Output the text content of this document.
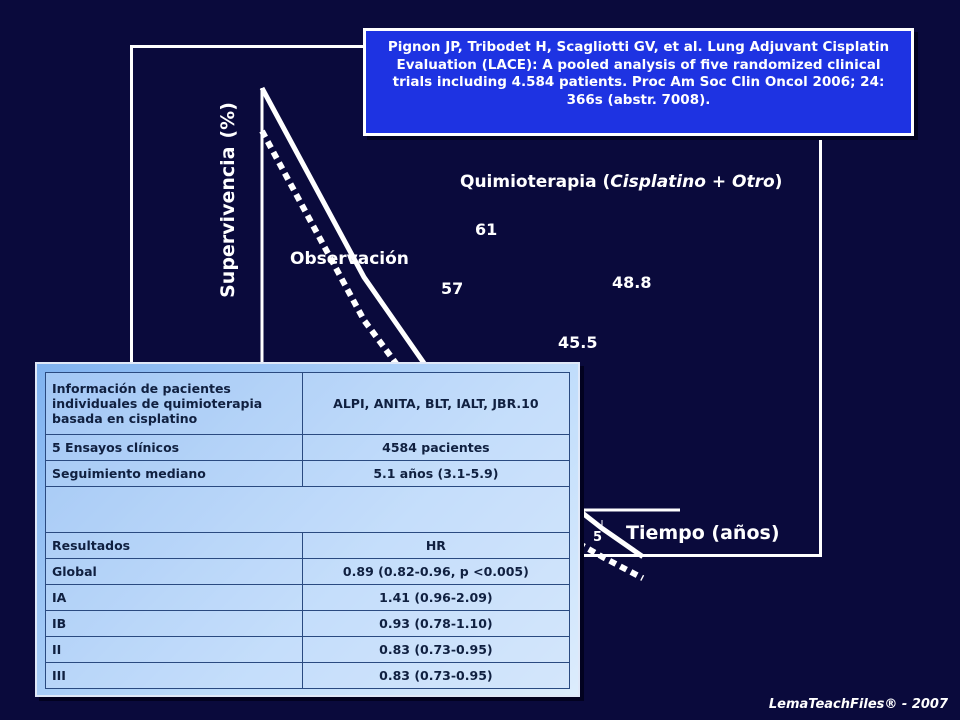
Supervivencia(%)
Tiempo (años)
5
Quimioterapia (Cisplatino + Otro)
Observación
61
48.8
57
45.5
Pignon JP, Tribodet H, Scagliotti GV, et al. Lung Adjuvant Cisplatin Evaluation (LACE): A pooled analysis of five randomized clinical trials including 4.584 patients. Proc Am Soc Clin Oncol 2006; 24: 366s (abstr. 7008).
Información de pacientes individuales de quimioterapia basada en cisplatino	ALPI, ANITA, BLT, IALT, JBR.10
5 Ensayos clínicos	4584 pacientes
Seguimiento mediano	5.1 años (3.1-5.9)

Resultados	HR
Global	0.89 (0.82-0.96, p <0.005)
IA	1.41 (0.96-2.09)
IB	0.93 (0.78-1.10)
II	0.83 (0.73-0.95)
III	0.83 (0.73-0.95)
LemaTeachFiles® - 2007
